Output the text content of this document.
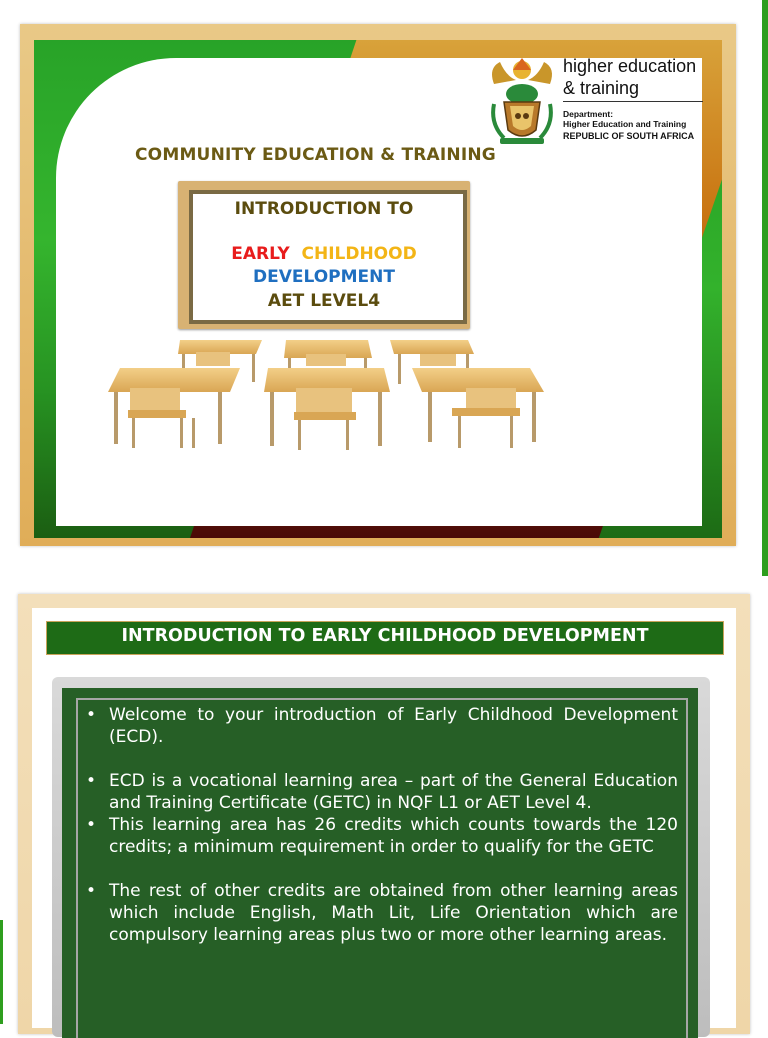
higher education
& training
Department:
Higher Education and Training
REPUBLIC OF SOUTH AFRICA
COMMUNITY EDUCATION & TRAINING
INTRODUCTION TO
EARLY CHILDHOOD
DEVELOPMENT
AET LEVEL4
INTRODUCTION TO EARLY CHILDHOOD DEVELOPMENT
• Welcome to your introduction of Early Childhood Development (ECD).
• ECD is a vocational learning area – part of the General Education and Training Certificate (GETC) in NQF L1 or AET Level 4.
• This learning area has 26 credits which counts towards the 120 credits; a minimum requirement in order to qualify for the GETC
• The rest of other credits are obtained from other learning areas which include English, Math Lit, Life Orientation which are compulsory learning areas plus two or more other learning areas.
